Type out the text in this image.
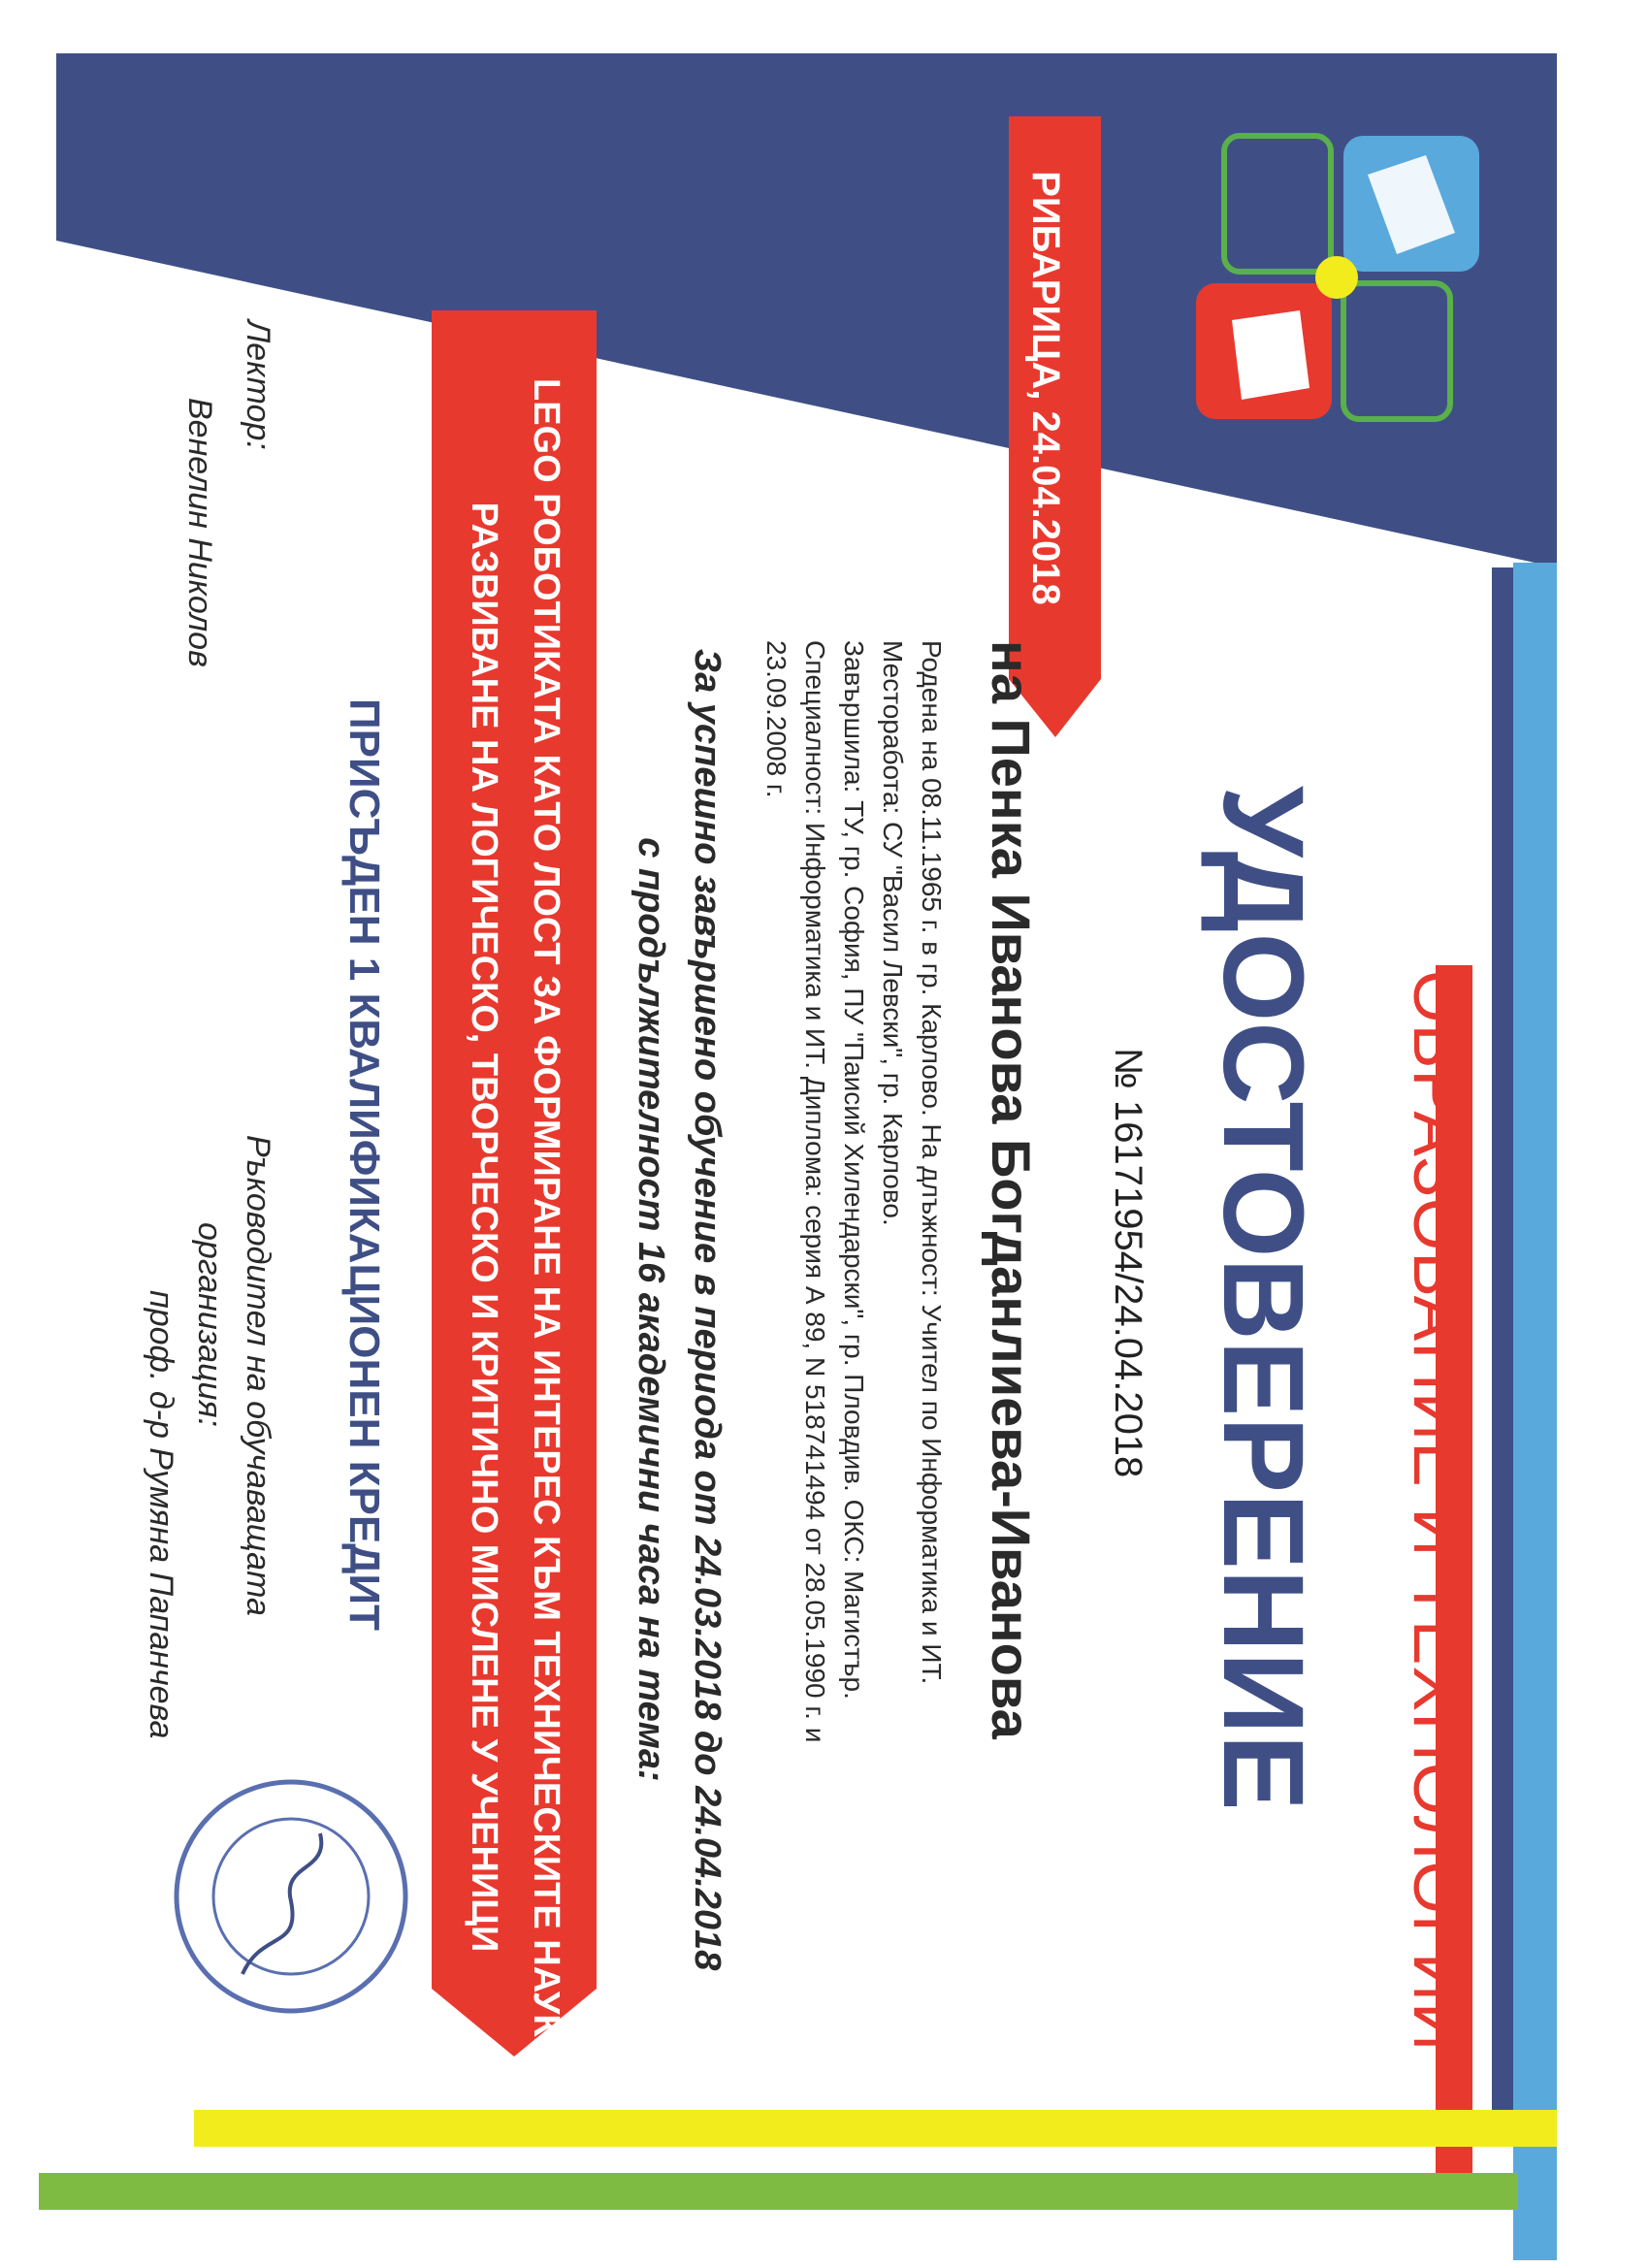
ОБРАЗОВАНИЕ И ТЕХНОЛОГИИ
УДОСТОВЕРЕНИЕ
№ 16171954/24.04.2018
на Пенка Иванова Богданлиева-Иванова
Родена на 08.11.1965 г. в гр. Карлово. На длъжност: Учител по Информатика и ИТ.
Месторабота: СУ "Васил Левски", гр. Карлово.
Завършила: ТУ, гр. София, ПУ "Паисий Хилендарски", гр. Пловдив. ОКС: Магистър.
Специалност: Информатика и ИТ. Диплома: серия А 89, N 518741494 от 28.05.1990 г. и
23.09.2008 г.
За успешно завършено обучение в периода от 24.03.2018 до 24.04.2018
с продължителност 16 академични часа на тема:
LEGO РОБОТИКАТА КАТО ЛОСТ ЗА ФОРМИРАНЕ НА ИНТЕРЕС КЪМ ТЕХНИЧЕСКИТЕ НАУКИ И
РАЗВИВАНЕ НА ЛОГИЧЕСКО, ТВОРЧЕСКО И КРИТИЧНО МИСЛЕНЕ У УЧЕНИЦИ
ПРИСЪДЕН 1 КВАЛИФИКАЦИОНЕН КРЕДИТ
РИБАРИЦА, 24.04.2018
Лектор:
Венелин Николов
Ръководител на обучаващата
организация:
проф. д-р Румяна Папанчева
